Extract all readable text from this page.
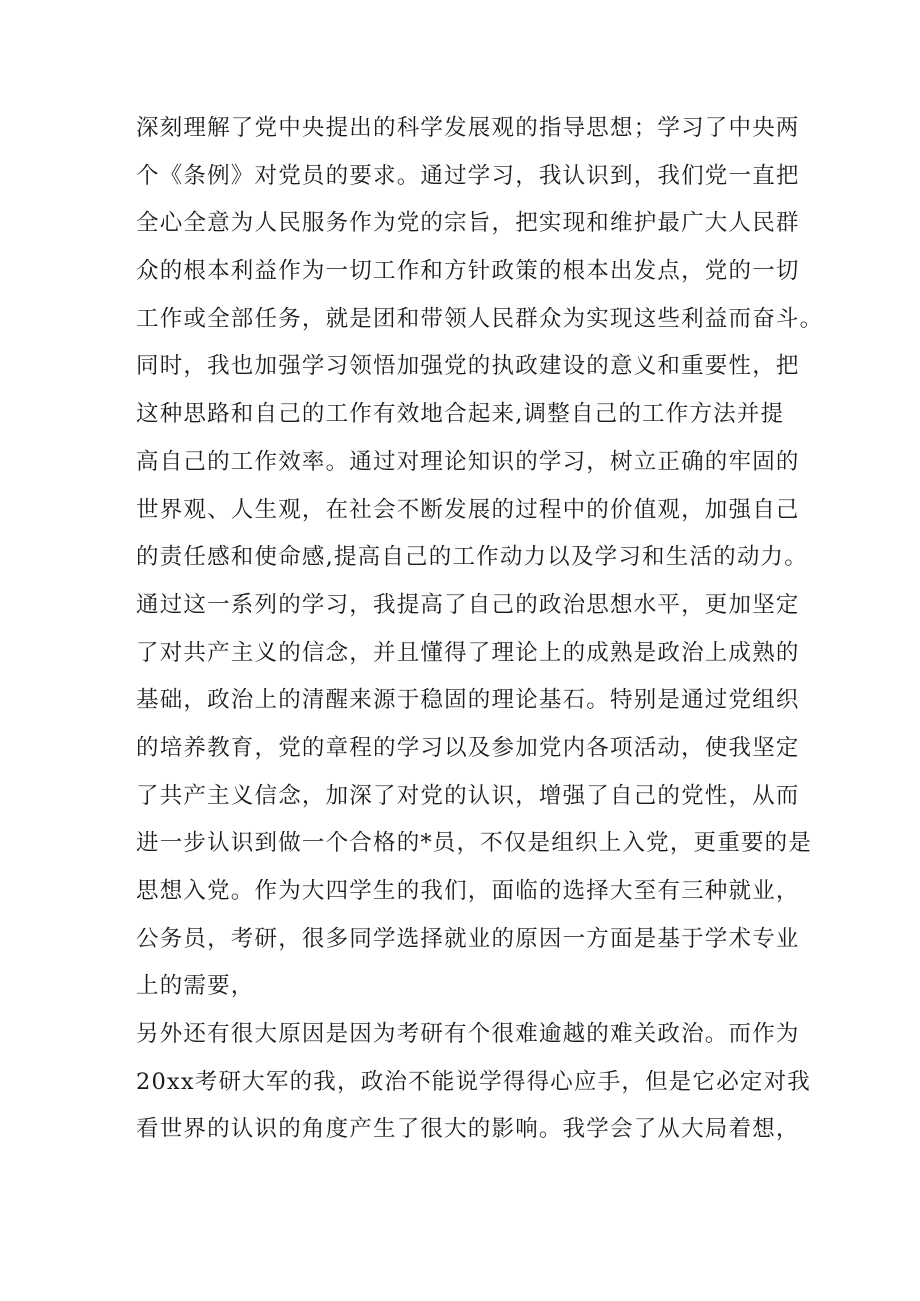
深刻理解了党中央提出的科学发展观的指导思想；学习了中央两
个《条例》对党员的要求。通过学习，我认识到，我们党一直把
全心全意为人民服务作为党的宗旨，把实现和维护最广大人民群
众的根本利益作为一切工作和方针政策的根本出发点，党的一切
工作或全部任务，就是团和带领人民群众为实现这些利益而奋斗。
同时，我也加强学习领悟加强党的执政建设的意义和重要性，把
这种思路和自己的工作有效地合起来,调整自己的工作方法并提
高自己的工作效率。通过对理论知识的学习，树立正确的牢固的
世界观、人生观，在社会不断发展的过程中的价值观，加强自己
的责任感和使命感,提高自己的工作动力以及学习和生活的动力。
通过这一系列的学习，我提高了自己的政治思想水平，更加坚定
了对共产主义的信念，并且懂得了理论上的成熟是政治上成熟的
基础，政治上的清醒来源于稳固的理论基石。特别是通过党组织
的培养教育，党的章程的学习以及参加党内各项活动，使我坚定
了共产主义信念，加深了对党的认识，增强了自己的党性，从而
进一步认识到做一个合格的*员，不仅是组织上入党，更重要的是
思想入党。作为大四学生的我们，面临的选择大至有三种就业，
公务员，考研，很多同学选择就业的原因一方面是基于学术专业
上的需要，
另外还有很大原因是因为考研有个很难逾越的难关政治。而作为
20xx考研大军的我，政治不能说学得得心应手，但是它必定对我
看世界的认识的角度产生了很大的影响。我学会了从大局着想，
